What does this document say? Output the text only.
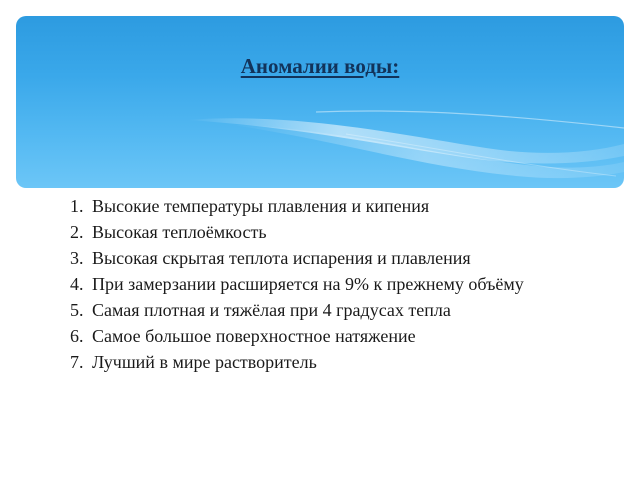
Аномалии воды:
1. Высокие температуры плавления и кипения
2. Высокая теплоёмкость
3. Высокая скрытая теплота испарения и плавления
4. При замерзании расширяется на 9% к прежнему объёму
5. Самая плотная и тяжёлая при 4 градусах тепла
6. Самое большое поверхностное натяжение
7. Лучший в мире растворитель
